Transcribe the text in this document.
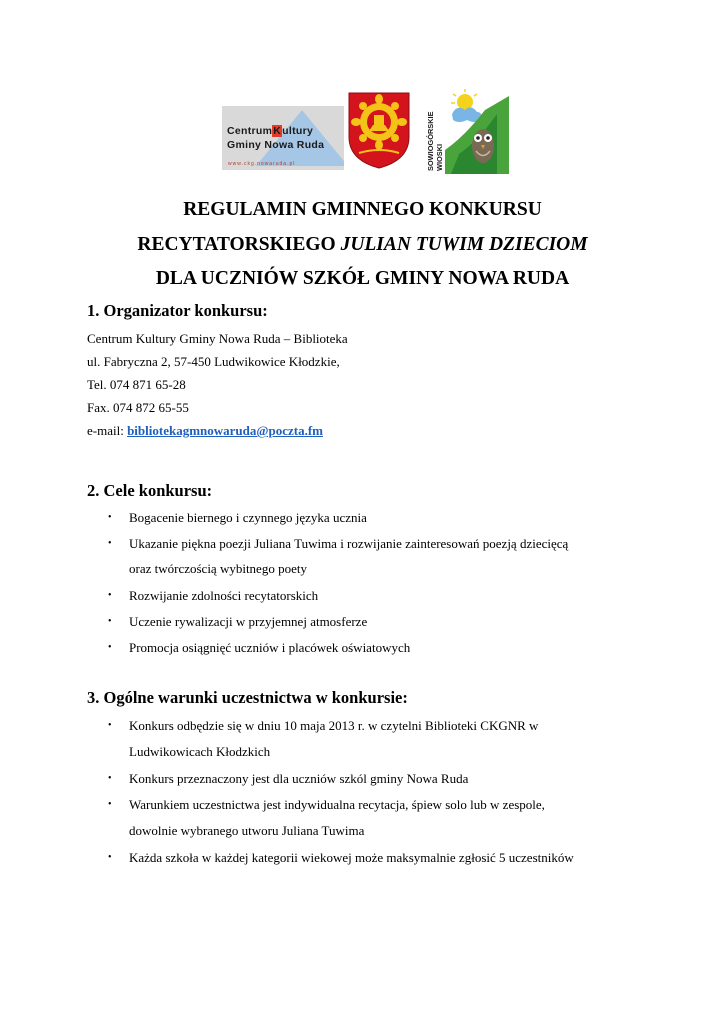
CentrumKultury
Gminy Nowa Ruda
www.ckg.nowaruda.pl	SOWIOGÓRSKIE WIOSKI
REGULAMIN GMINNEGO KONKURSU
RECYTATORSKIEGO JULIAN TUWIM DZIECIOM
DLA UCZNIÓW SZKÓŁ GMINY NOWA RUDA
1. Organizator konkursu:
Centrum Kultury Gminy Nowa Ruda – Biblioteka
ul. Fabryczna 2, 57-450 Ludwikowice Kłodzkie,
Tel. 074 871 65-28
Fax. 074 872 65-55
e-mail: bibliotekagmnowaruda@poczta.fm
2. Cele konkursu:
• Bogacenie biernego i czynnego języka ucznia
• Ukazanie piękna poezji Juliana Tuwima i rozwijanie zainteresowań poezją dziecięcą
oraz twórczością wybitnego poety
• Rozwijanie zdolności recytatorskich
• Uczenie rywalizacji w przyjemnej atmosferze
• Promocja osiągnięć uczniów i placówek oświatowych
3. Ogólne warunki uczestnictwa w konkursie:
• Konkurs odbędzie się w dniu 10 maja 2013 r. w czytelni Biblioteki CKGNR w
Ludwikowicach Kłodzkich
• Konkurs przeznaczony jest dla uczniów szkól gminy Nowa Ruda
• Warunkiem uczestnictwa jest indywidualna recytacja, śpiew solo lub w zespole,
dowolnie wybranego utworu Juliana Tuwima
• Każda szkoła w każdej kategorii wiekowej może maksymalnie zgłosić 5 uczestników
